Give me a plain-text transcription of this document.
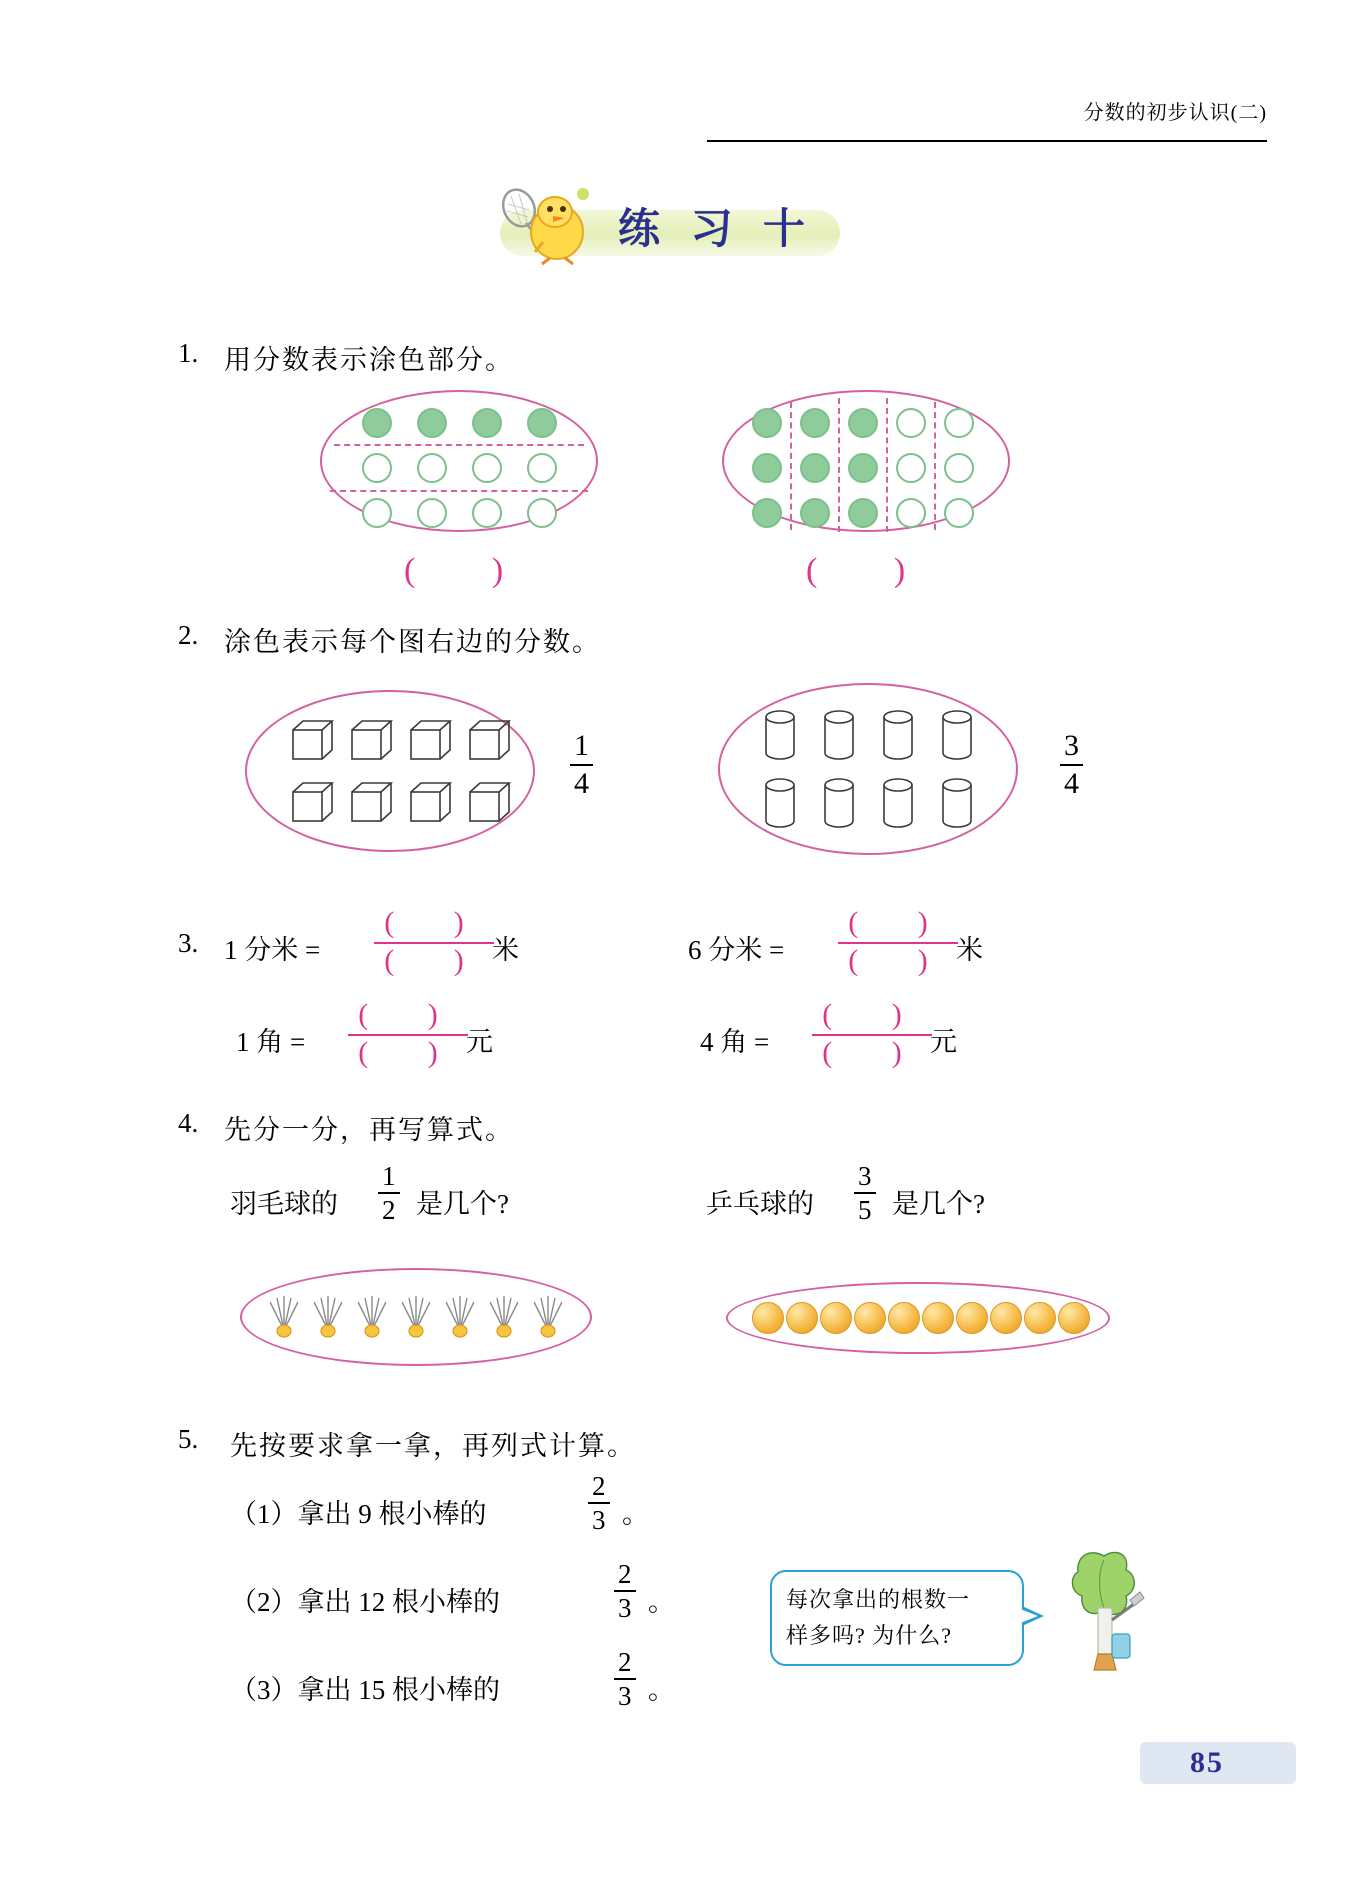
分数的初步认识(二)
练 习 十
1. 用分数表示涂色部分。
( )	( )
2. 涂色表示每个图右边的分数。
1
4
3
4
3. 1 分米 =
( )
( ) 米	6 分米 =
( )
( ) 米
1 角 =
( )
( ) 元	4 角 =
( )
( ) 元
4. 先分一分，再写算式。
羽毛球的
1
2 是几个?	乒乓球的
3
5 是几个?
5. 先按要求拿一拿，再列式计算。
（1）拿出 9 根小棒的
2
3 。
（2）拿出 12 根小棒的
2
3 。
（3）拿出 15 根小棒的
2
3 。
每次拿出的根数一
样多吗? 为什么?
85
